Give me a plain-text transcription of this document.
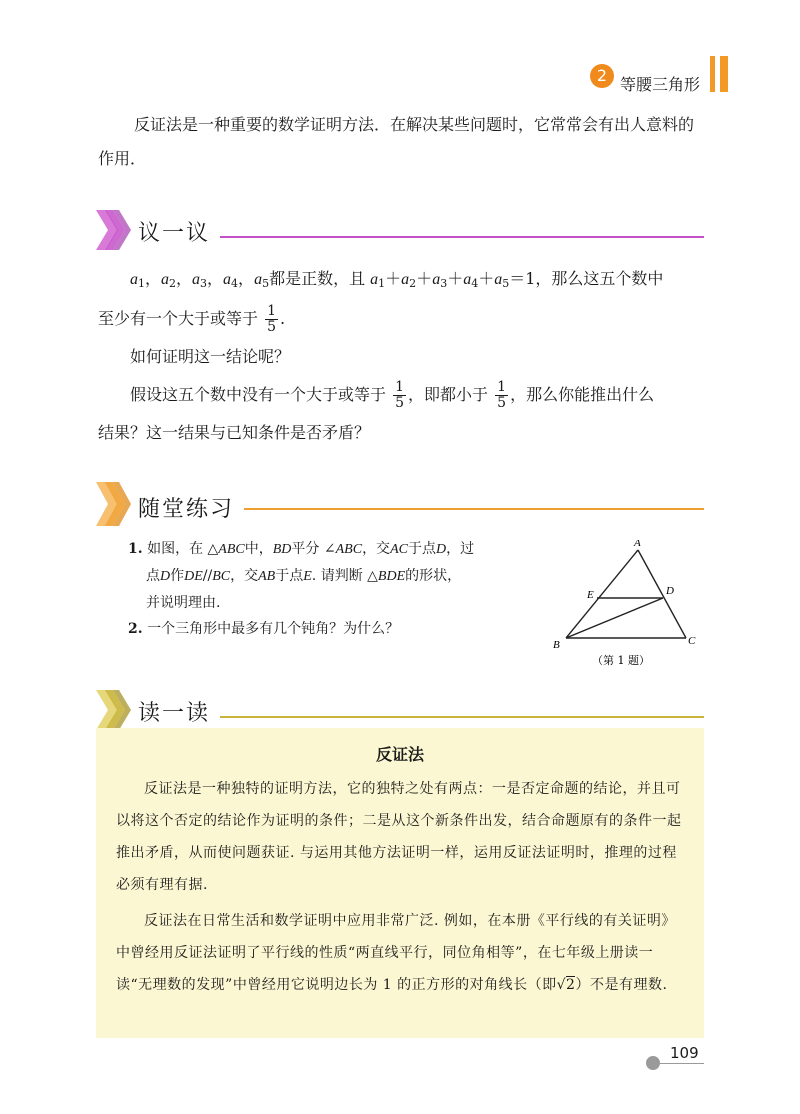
2 等腰三角形
反证法是一种重要的数学证明方法．在解决某些问题时，它常常会有出人意料的作用．
议一议
$a_1$，$a_2$，$a_3$，$a_4$，$a_5$都是正数，且 $a_1+a_2+a_3+a_4+a_5=1$，那么这五个数中
至少有一个大于或等于 $\frac{1}{5}$ .
如何证明这一结论呢？
假设这五个数中没有一个大于或等于 $\frac{1}{5}$ ，即都小于 $\frac{1}{5}$ ，那么你能推出什么
结果？这一结果与已知条件是否矛盾？
随堂练习
1. 如图，在 △ABC中，BD平分 ∠ABC，交AC于点D，过
点D作DE//BC，交AB于点E. 请判断 △BDE的形状，
并说明理由.
2. 一个三角形中最多有几个钝角？为什么？
A
E	D
B	C
（第 1 题）
读一读
反证法
反证法是一种独特的证明方法，它的独特之处有两点：一是否定命题的结论，并且可以将这个否定的结论作为证明的条件；二是从这个新条件出发，结合命题原有的条件一起推出矛盾，从而使问题获证. 与运用其他方法证明一样，运用反证法证明时，推理的过程必须有理有据.
反证法在日常生活和数学证明中应用非常广泛. 例如，在本册《平行线的有关证明》中曾经用反证法证明了平行线的性质“两直线平行，同位角相等”，在七年级上册读一读“无理数的发现”中曾经用它说明边长为 1 的正方形的对角线长（即√2）不是有理数.
109
